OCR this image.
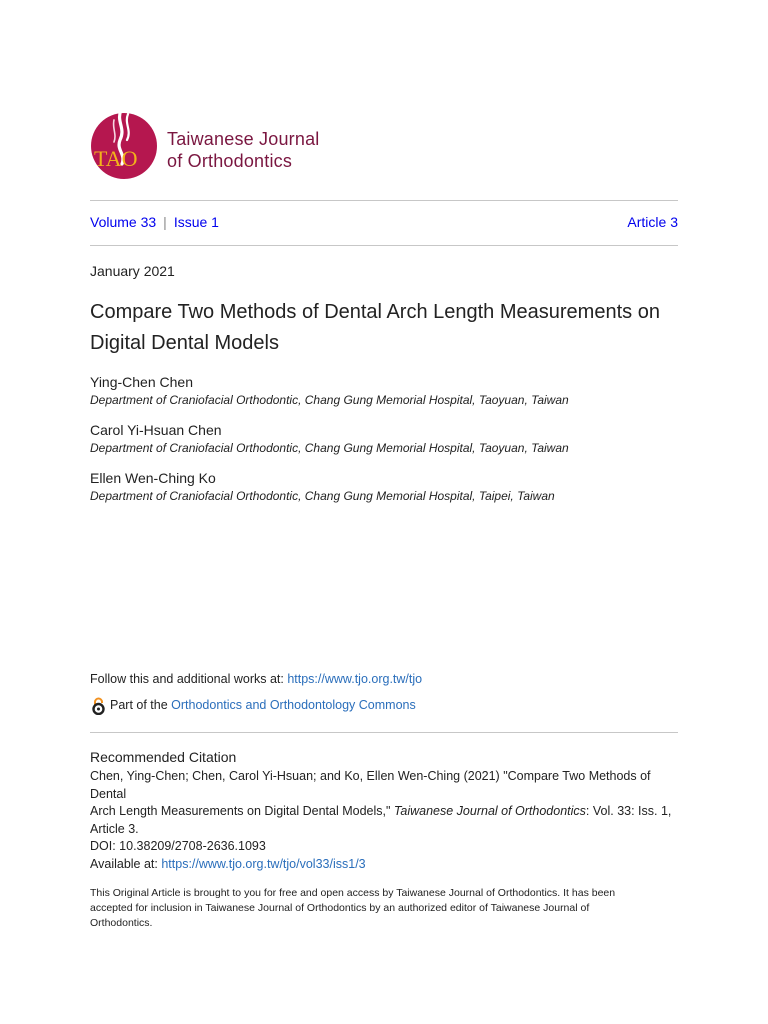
TAO
Taiwanese Journal
of Orthodontics
Volume 33 | Issue 1	Article 3
January 2021
Compare Two Methods of Dental Arch Length Measurements on
Digital Dental Models
Ying-Chen Chen
Department of Craniofacial Orthodontic, Chang Gung Memorial Hospital, Taoyuan, Taiwan
Carol Yi-Hsuan Chen
Department of Craniofacial Orthodontic, Chang Gung Memorial Hospital, Taoyuan, Taiwan
Ellen Wen-Ching Ko
Department of Craniofacial Orthodontic, Chang Gung Memorial Hospital, Taipei, Taiwan
Follow this and additional works at: https://www.tjo.org.tw/tjo
Part of the Orthodontics and Orthodontology Commons
Recommended Citation
Chen, Ying-Chen; Chen, Carol Yi-Hsuan; and Ko, Ellen Wen-Ching (2021) "Compare Two Methods of Dental
Arch Length Measurements on Digital Dental Models," Taiwanese Journal of Orthodontics: Vol. 33: Iss. 1,
Article 3.
DOI: 10.38209/2708-2636.1093
Available at: https://www.tjo.org.tw/tjo/vol33/iss1/3
This Original Article is brought to you for free and open access by Taiwanese Journal of Orthodontics. It has been
accepted for inclusion in Taiwanese Journal of Orthodontics by an authorized editor of Taiwanese Journal of
Orthodontics.
